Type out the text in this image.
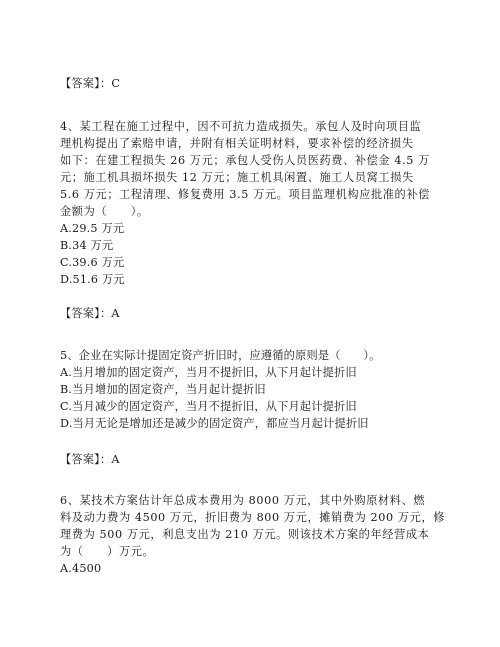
【答案】：C
4、某工程在施工过程中，因不可抗力造成损失。承包人及时向项目监
理机构提出了索赔申请，并附有相关证明材料，要求补偿的经济损失
如下：在建工程损失 26 万元；承包人受伤人员医药费、补偿金 4.5 万
元；施工机具损坏损失 12 万元；施工机具闲置、施工人员窝工损失
5.6 万元；工程清理、修复费用 3.5 万元。项目监理机构应批准的补偿
金额为（　　）。
A.29.5 万元
B.34 万元
C.39.6 万元
D.51.6 万元
【答案】：A
5、企业在实际计提固定资产折旧时，应遵循的原则是（　　）。
A.当月增加的固定资产，当月不提折旧，从下月起计提折旧
B.当月增加的固定资产，当月起计提折旧
C.当月减少的固定资产，当月不提折旧，从下月起计提折旧
D.当月无论是增加还是减少的固定资产，都应当月起计提折旧
【答案】：A
6、某技术方案估计年总成本费用为 8000 万元，其中外购原材料、燃
料及动力费为 4500 万元，折旧费为 800 万元，摊销费为 200 万元，修
理费为 500 万元，利息支出为 210 万元。则该技术方案的年经营成本
为（　　）万元。
A.4500
